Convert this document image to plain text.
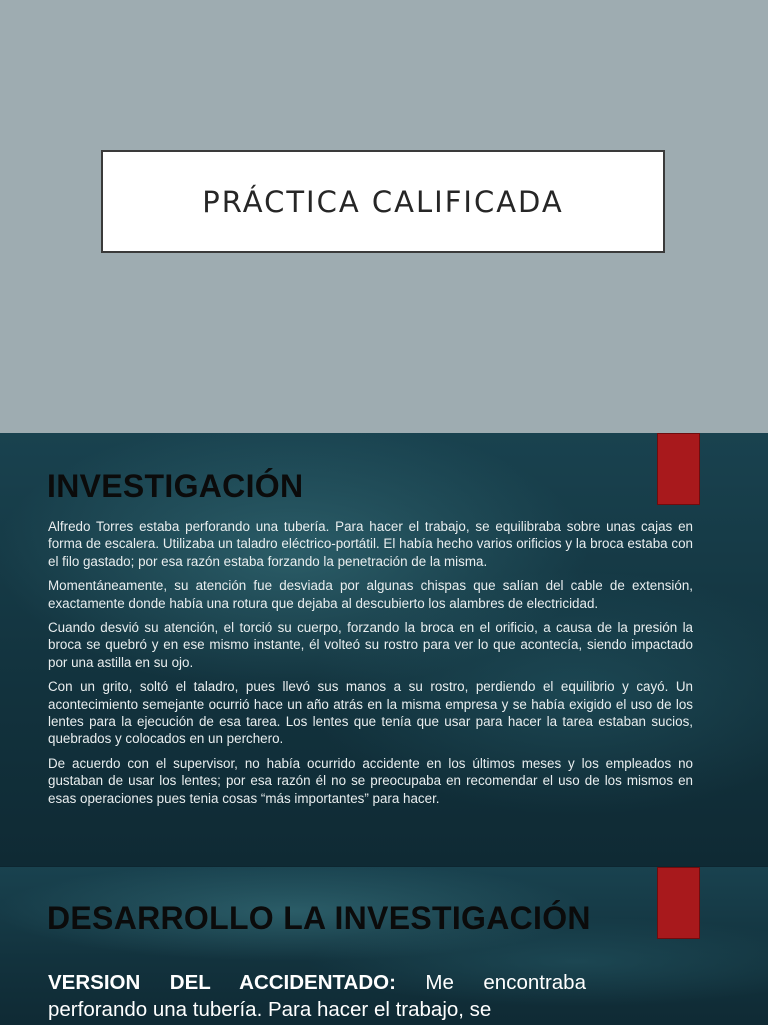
PRÁCTICA CALIFICADA
INVESTIGACIÓN

Alfredo Torres estaba perforando una tubería. Para hacer el trabajo, se equilibraba sobre unas cajas en forma de escalera. Utilizaba un taladro eléctrico-portátil. El había hecho varios orificios y la broca estaba con el filo gastado; por esa razón estaba forzando la penetración de la misma.

Momentáneamente, su atención fue desviada por algunas chispas que salían del cable de extensión, exactamente donde había una rotura que dejaba al descubierto los alambres de electricidad.

Cuando desvió su atención, el torció su cuerpo, forzando la broca en el orificio, a causa de la presión la broca se quebró y en ese mismo instante, él volteó su rostro para ver lo que acontecía, siendo impactado por una astilla en su ojo.

Con un grito, soltó el taladro, pues llevó sus manos a su rostro, perdiendo el equilibrio y cayó. Un acontecimiento semejante ocurrió hace un año atrás en la misma empresa y se había exigido el uso de los lentes para la ejecución de esa tarea. Los lentes que tenía que usar para hacer la tarea estaban sucios, quebrados y colocados en un perchero.

De acuerdo con el supervisor, no había ocurrido accidente en los últimos meses y los empleados no gustaban de usar los lentes; por esa razón él no se preocupaba en recomendar el uso de los mismos en esas operaciones pues tenia cosas “más importantes” para hacer.

DESARROLLO LA INVESTIGACIÓN
VERSION DEL ACCIDENTADO: Me encontraba perforando una tubería. Para hacer el trabajo, se
